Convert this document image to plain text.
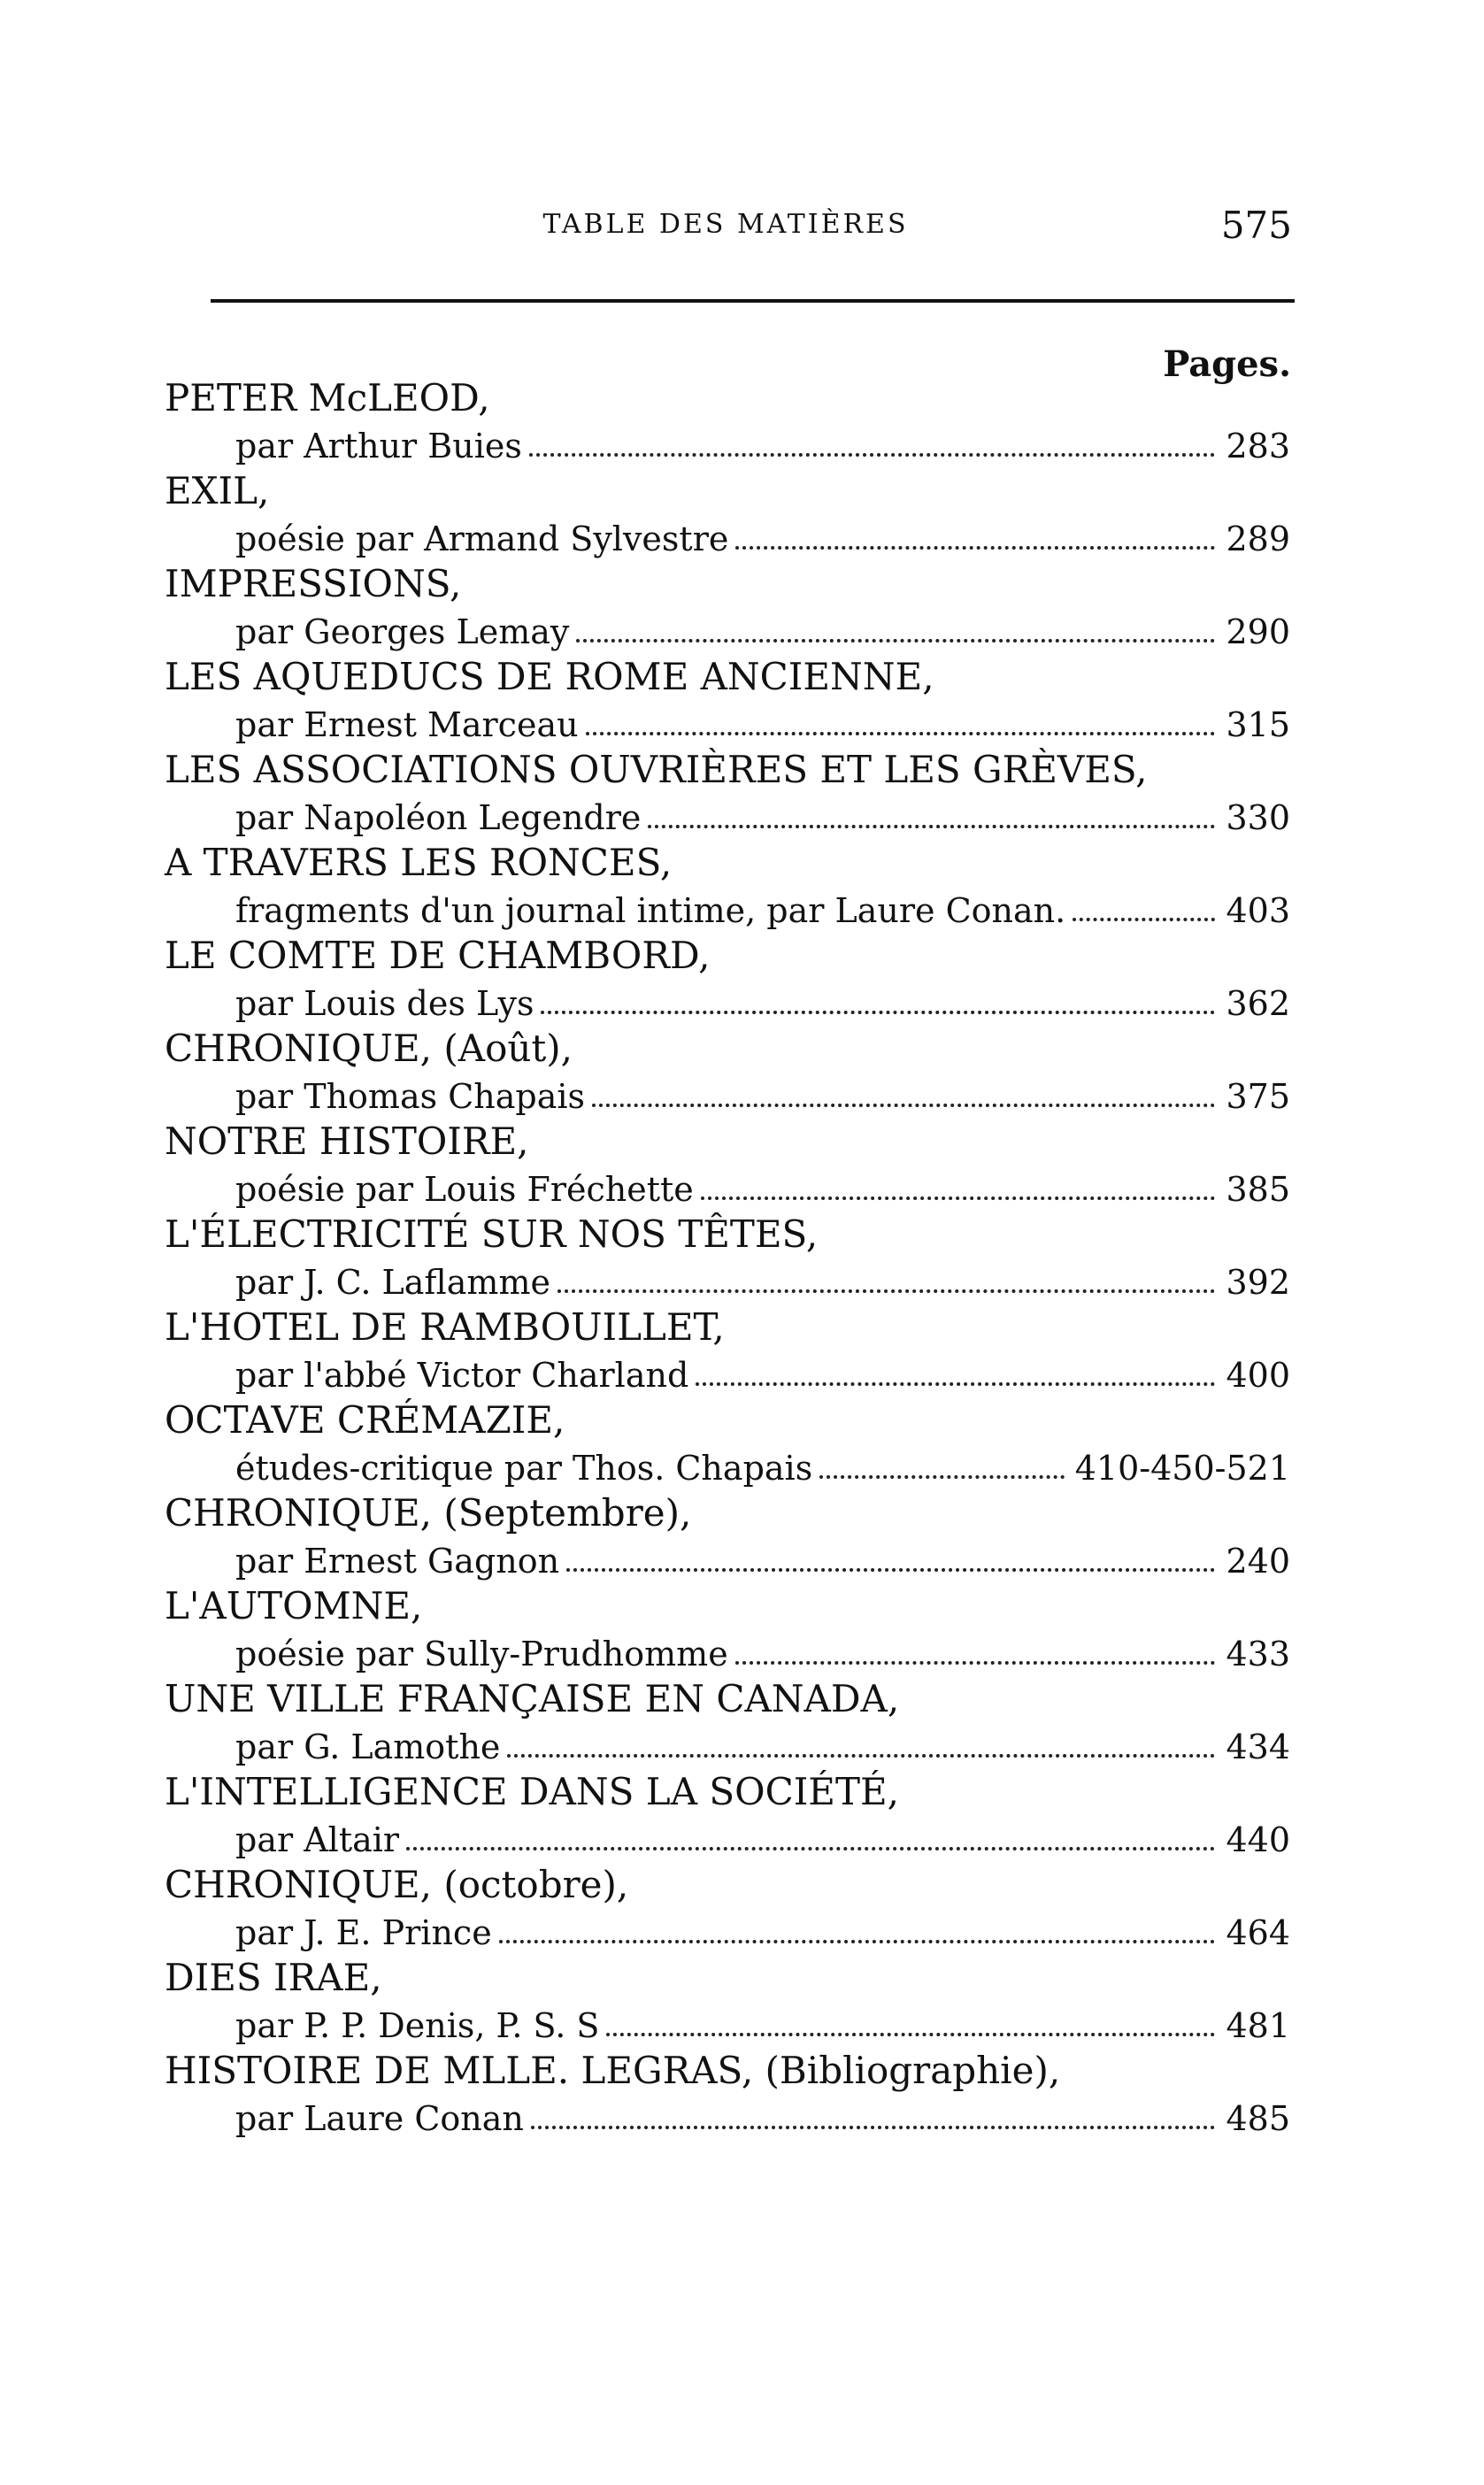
TABLE DES MATIÈRES	575
Pages.
PETER McLEOD,
par Arthur Buies	283
EXIL,
poésie par Armand Sylvestre	289
IMPRESSIONS,
par Georges Lemay	290
LES AQUEDUCS DE ROME ANCIENNE,
par Ernest Marceau	315
LES ASSOCIATIONS OUVRIÈRES ET LES GRÈVES,
par Napoléon Legendre	330
A TRAVERS LES RONCES,
fragments d'un journal intime, par Laure Conan.	403
LE COMTE DE CHAMBORD,
par Louis des Lys	362
CHRONIQUE, (Août),
par Thomas Chapais	375
NOTRE HISTOIRE,
poésie par Louis Fréchette	385
L'ÉLECTRICITÉ SUR NOS TÊTES,
par J. C. Laflamme	392
L'HOTEL DE RAMBOUILLET,
par l'abbé Victor Charland	400
OCTAVE CRÉMAZIE,
études-critique par Thos. Chapais	410-450-521
CHRONIQUE, (Septembre),
par Ernest Gagnon	240
L'AUTOMNE,
poésie par Sully-Prudhomme	433
UNE VILLE FRANÇAISE EN CANADA,
par G. Lamothe	434
L'INTELLIGENCE DANS LA SOCIÉTÉ,
par Altair	440
CHRONIQUE, (octobre),
par J. E. Prince	464
DIES IRAE,
par P. P. Denis, P. S. S	481
HISTOIRE DE MLLE. LEGRAS, (Bibliographie),
par Laure Conan	485
